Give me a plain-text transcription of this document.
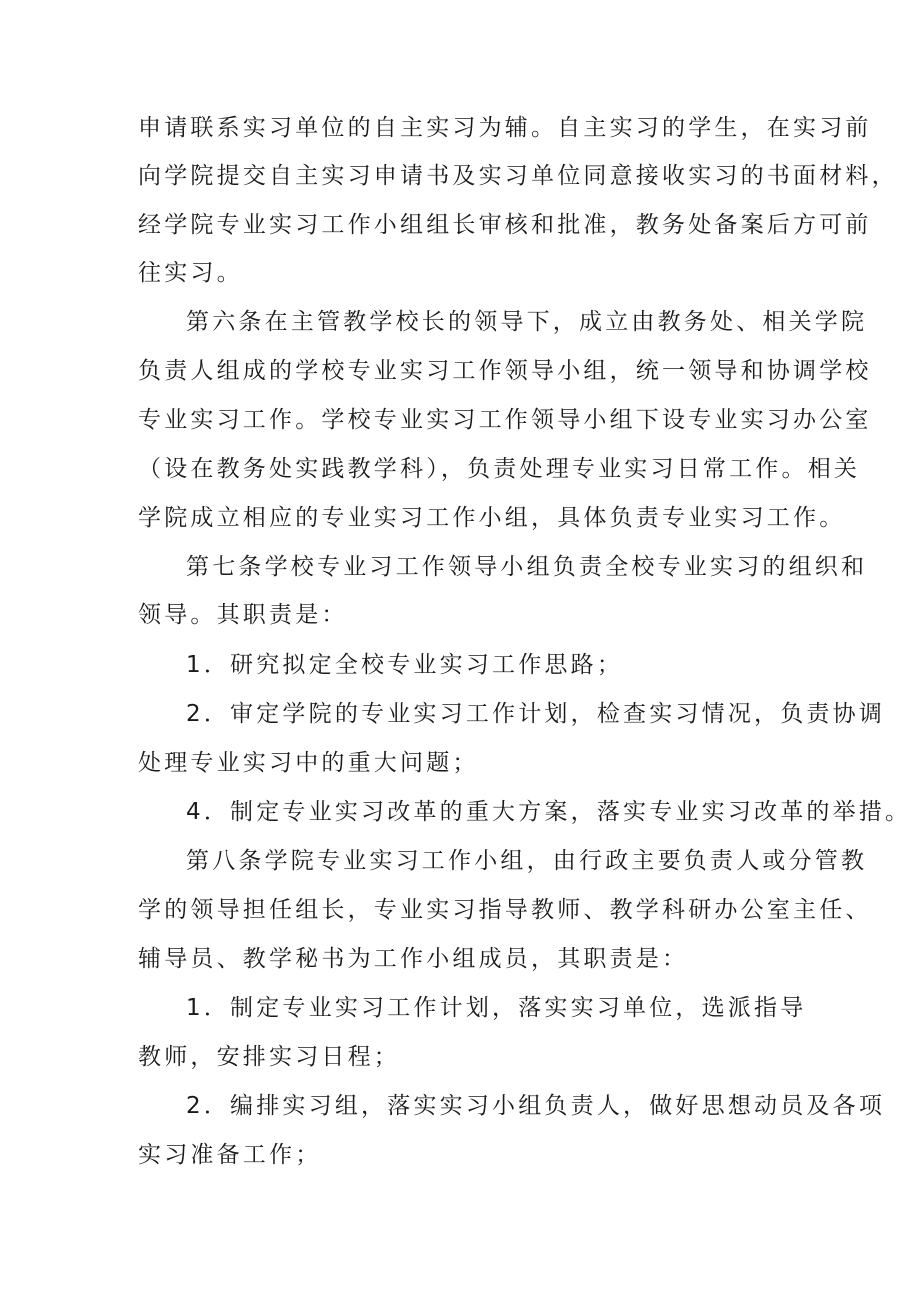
申请联系实习单位的自主实习为辅。自主实习的学生，在实习前
向学院提交自主实习申请书及实习单位同意接收实习的书面材料，
经学院专业实习工作小组组长审核和批准，教务处备案后方可前
往实习。
第六条在主管教学校长的领导下，成立由教务处、相关学院
负责人组成的学校专业实习工作领导小组，统一领导和协调学校
专业实习工作。学校专业实习工作领导小组下设专业实习办公室
（设在教务处实践教学科），负责处理专业实习日常工作。相关
学院成立相应的专业实习工作小组，具体负责专业实习工作。
第七条学校专业习工作领导小组负责全校专业实习的组织和
领导。其职责是：
1．研究拟定全校专业实习工作思路；
2．审定学院的专业实习工作计划，检查实习情况，负责协调
处理专业实习中的重大问题；
4．制定专业实习改革的重大方案，落实专业实习改革的举措。
第八条学院专业实习工作小组，由行政主要负责人或分管教
学的领导担任组长，专业实习指导教师、教学科研办公室主任、
辅导员、教学秘书为工作小组成员，其职责是：
1．制定专业实习工作计划，落实实习单位，选派指导
教师，安排实习日程；
2．编排实习组，落实实习小组负责人，做好思想动员及各项
实习准备工作；
